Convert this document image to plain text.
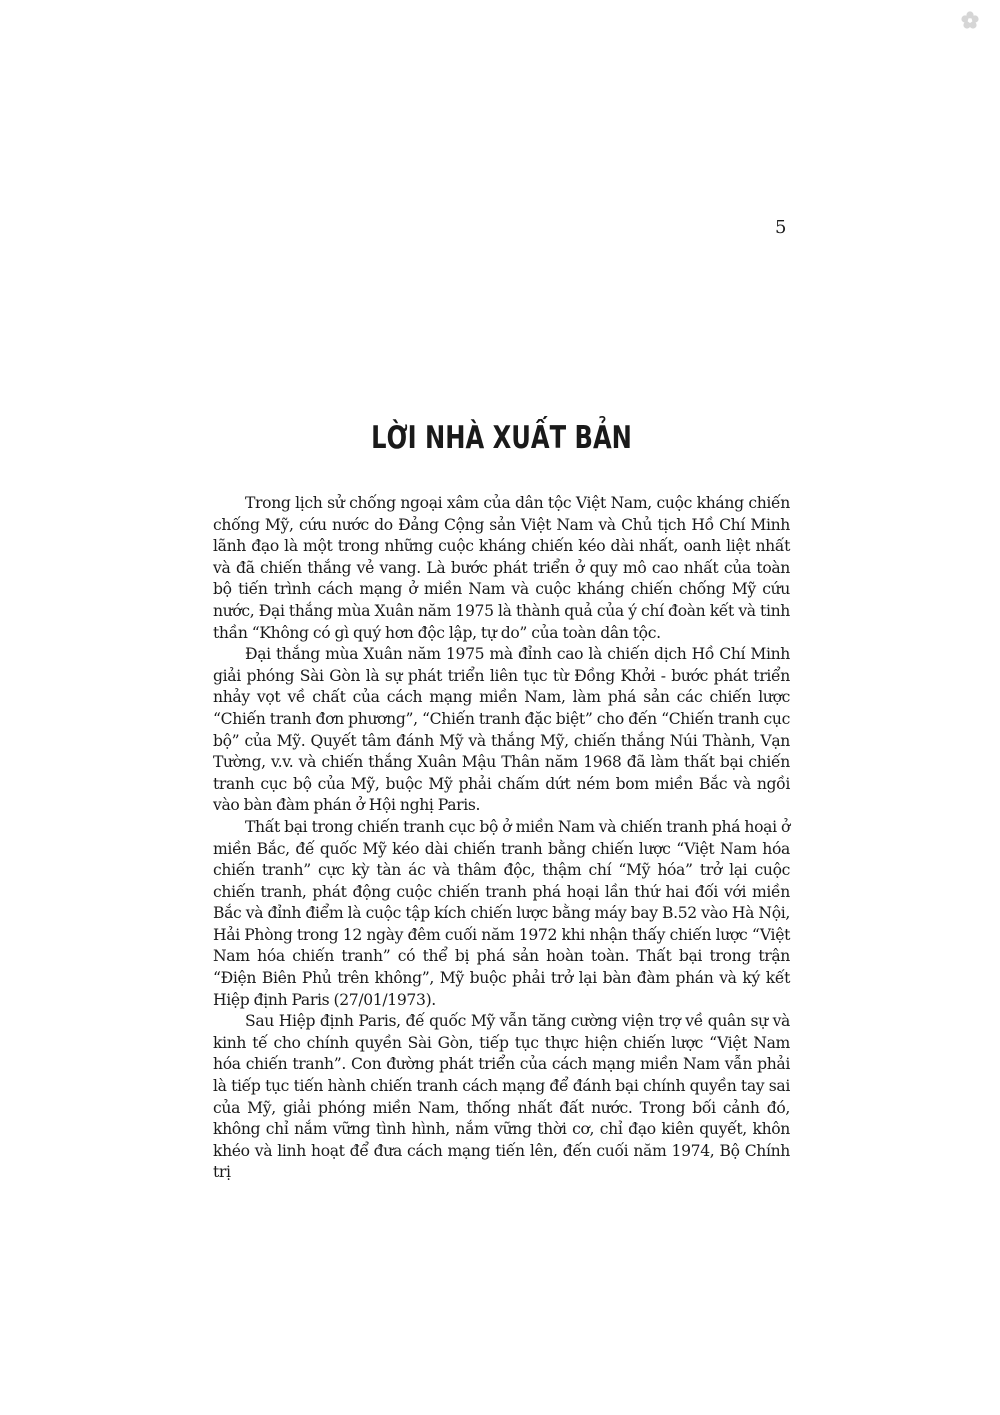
5
LỜI NHÀ XUẤT BẢN

Trong lịch sử chống ngoại xâm của dân tộc Việt Nam, cuộc kháng chiến chống Mỹ, cứu nước do Đảng Cộng sản Việt Nam và Chủ tịch Hồ Chí Minh lãnh đạo là một trong những cuộc kháng chiến kéo dài nhất, oanh liệt nhất và đã chiến thắng vẻ vang. Là bước phát triển ở quy mô cao nhất của toàn bộ tiến trình cách mạng ở miền Nam và cuộc kháng chiến chống Mỹ cứu nước, Đại thắng mùa Xuân năm 1975 là thành quả của ý chí đoàn kết và tinh thần “Không có gì quý hơn độc lập, tự do” của toàn dân tộc.

Đại thắng mùa Xuân năm 1975 mà đỉnh cao là chiến dịch Hồ Chí Minh giải phóng Sài Gòn là sự phát triển liên tục từ Đồng Khởi - bước phát triển nhảy vọt về chất của cách mạng miền Nam, làm phá sản các chiến lược “Chiến tranh đơn phương”, “Chiến tranh đặc biệt” cho đến “Chiến tranh cục bộ” của Mỹ. Quyết tâm đánh Mỹ và thắng Mỹ, chiến thắng Núi Thành, Vạn Tường, v.v. và chiến thắng Xuân Mậu Thân năm 1968 đã làm thất bại chiến tranh cục bộ của Mỹ, buộc Mỹ phải chấm dứt ném bom miền Bắc và ngồi vào bàn đàm phán ở Hội nghị Paris.

Thất bại trong chiến tranh cục bộ ở miền Nam và chiến tranh phá hoại ở miền Bắc, đế quốc Mỹ kéo dài chiến tranh bằng chiến lược “Việt Nam hóa chiến tranh” cực kỳ tàn ác và thâm độc, thậm chí “Mỹ hóa” trở lại cuộc chiến tranh, phát động cuộc chiến tranh phá hoại lần thứ hai đối với miền Bắc và đỉnh điểm là cuộc tập kích chiến lược bằng máy bay B.52 vào Hà Nội, Hải Phòng trong 12 ngày đêm cuối năm 1972 khi nhận thấy chiến lược “Việt Nam hóa chiến tranh” có thể bị phá sản hoàn toàn. Thất bại trong trận “Điện Biên Phủ trên không”, Mỹ buộc phải trở lại bàn đàm phán và ký kết Hiệp định Paris (27/01/1973).

Sau Hiệp định Paris, đế quốc Mỹ vẫn tăng cường viện trợ về quân sự và kinh tế cho chính quyền Sài Gòn, tiếp tục thực hiện chiến lược “Việt Nam hóa chiến tranh”. Con đường phát triển của cách mạng miền Nam vẫn phải là tiếp tục tiến hành chiến tranh cách mạng để đánh bại chính quyền tay sai của Mỹ, giải phóng miền Nam, thống nhất đất nước. Trong bối cảnh đó, không chỉ nắm vững tình hình, nắm vững thời cơ, chỉ đạo kiên quyết, khôn khéo và linh hoạt để đưa cách mạng tiến lên, đến cuối năm 1974, Bộ Chính trị
